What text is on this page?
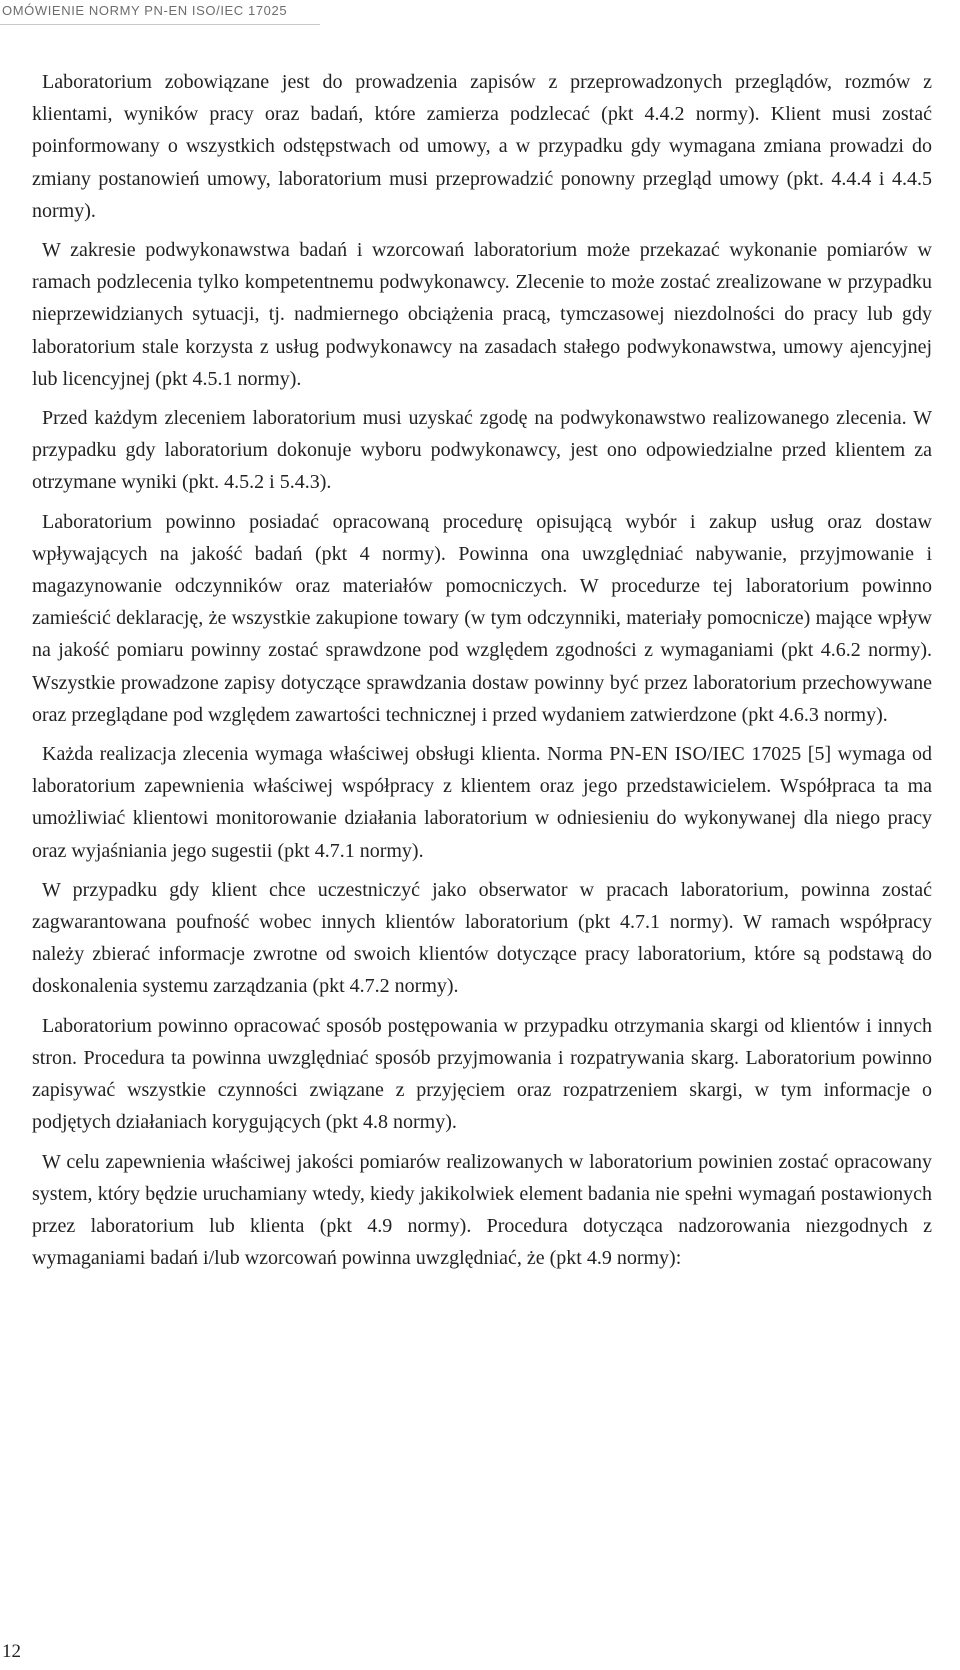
OMÓWIENIE NORMY PN-EN ISO/IEC 17025

Laboratorium zobowiązane jest do prowadzenia zapisów z przeprowadzonych przeglądów, rozmów z klientami, wyników pracy oraz badań, które zamierza podzlecać (pkt 4.4.2 normy). Klient musi zostać poinformowany o wszystkich odstępstwach od umowy, a w przypadku gdy wymagana zmiana prowadzi do zmiany postanowień umowy, laboratorium musi przeprowadzić ponowny przegląd umowy (pkt. 4.4.4 i 4.4.5 normy).

W zakresie podwykonawstwa badań i wzorcowań laboratorium może przekazać wykonanie pomiarów w ramach podzlecenia tylko kompetentnemu podwykonawcy. Zlecenie to może zostać zrealizowane w przypadku nieprzewidzianych sytuacji, tj. nadmiernego obciążenia pracą, tymczasowej niezdolności do pracy lub gdy laboratorium stale korzysta z usług podwykonawcy na zasadach stałego podwykonawstwa, umowy ajencyjnej lub licencyjnej (pkt 4.5.1 normy).

Przed każdym zleceniem laboratorium musi uzyskać zgodę na podwykonawstwo realizowanego zlecenia. W przypadku gdy laboratorium dokonuje wyboru podwykonawcy, jest ono odpowiedzialne przed klientem za otrzymane wyniki (pkt. 4.5.2 i 5.4.3).

Laboratorium powinno posiadać opracowaną procedurę opisującą wybór i zakup usług oraz dostaw wpływających na jakość badań (pkt 4 normy). Powinna ona uwzględniać nabywanie, przyjmowanie i magazynowanie odczynników oraz materiałów pomocniczych. W procedurze tej laboratorium powinno zamieścić deklarację, że wszystkie zakupione towary (w tym odczynniki, materiały pomocnicze) mające wpływ na jakość pomiaru powinny zostać sprawdzone pod względem zgodności z wymaganiami (pkt 4.6.2 normy). Wszystkie prowadzone zapisy dotyczące sprawdzania dostaw powinny być przez laboratorium przechowywane oraz przeglądane pod względem zawartości technicznej i przed wydaniem zatwierdzone (pkt 4.6.3 normy).

Każda realizacja zlecenia wymaga właściwej obsługi klienta. Norma PN-EN ISO/IEC 17025 [5] wymaga od laboratorium zapewnienia właściwej współpracy z klientem oraz jego przedstawicielem. Współpraca ta ma umożliwiać klientowi monitorowanie działania laboratorium w odniesieniu do wykonywanej dla niego pracy oraz wyjaśniania jego sugestii (pkt 4.7.1 normy).

W przypadku gdy klient chce uczestniczyć jako obserwator w pracach laboratorium, powinna zostać zagwarantowana poufność wobec innych klientów laboratorium (pkt 4.7.1 normy). W ramach współpracy należy zbierać informacje zwrotne od swoich klientów dotyczące pracy laboratorium, które są podstawą do doskonalenia systemu zarządzania (pkt 4.7.2 normy).

Laboratorium powinno opracować sposób postępowania w przypadku otrzymania skargi od klientów i innych stron. Procedura ta powinna uwzględniać sposób przyjmowania i rozpatrywania skarg. Laboratorium powinno zapisywać wszystkie czynności związane z przyjęciem oraz rozpatrzeniem skargi, w tym informacje o podjętych działaniach korygujących (pkt 4.8 normy).

W celu zapewnienia właściwej jakości pomiarów realizowanych w laboratorium powinien zostać opracowany system, który będzie uruchamiany wtedy, kiedy jakikolwiek element badania nie spełni wymagań postawionych przez laboratorium lub klienta (pkt 4.9 normy). Procedura dotycząca nadzorowania niezgodnych z wymaganiami badań i/lub wzorcowań powinna uwzględniać, że (pkt 4.9 normy):

12
